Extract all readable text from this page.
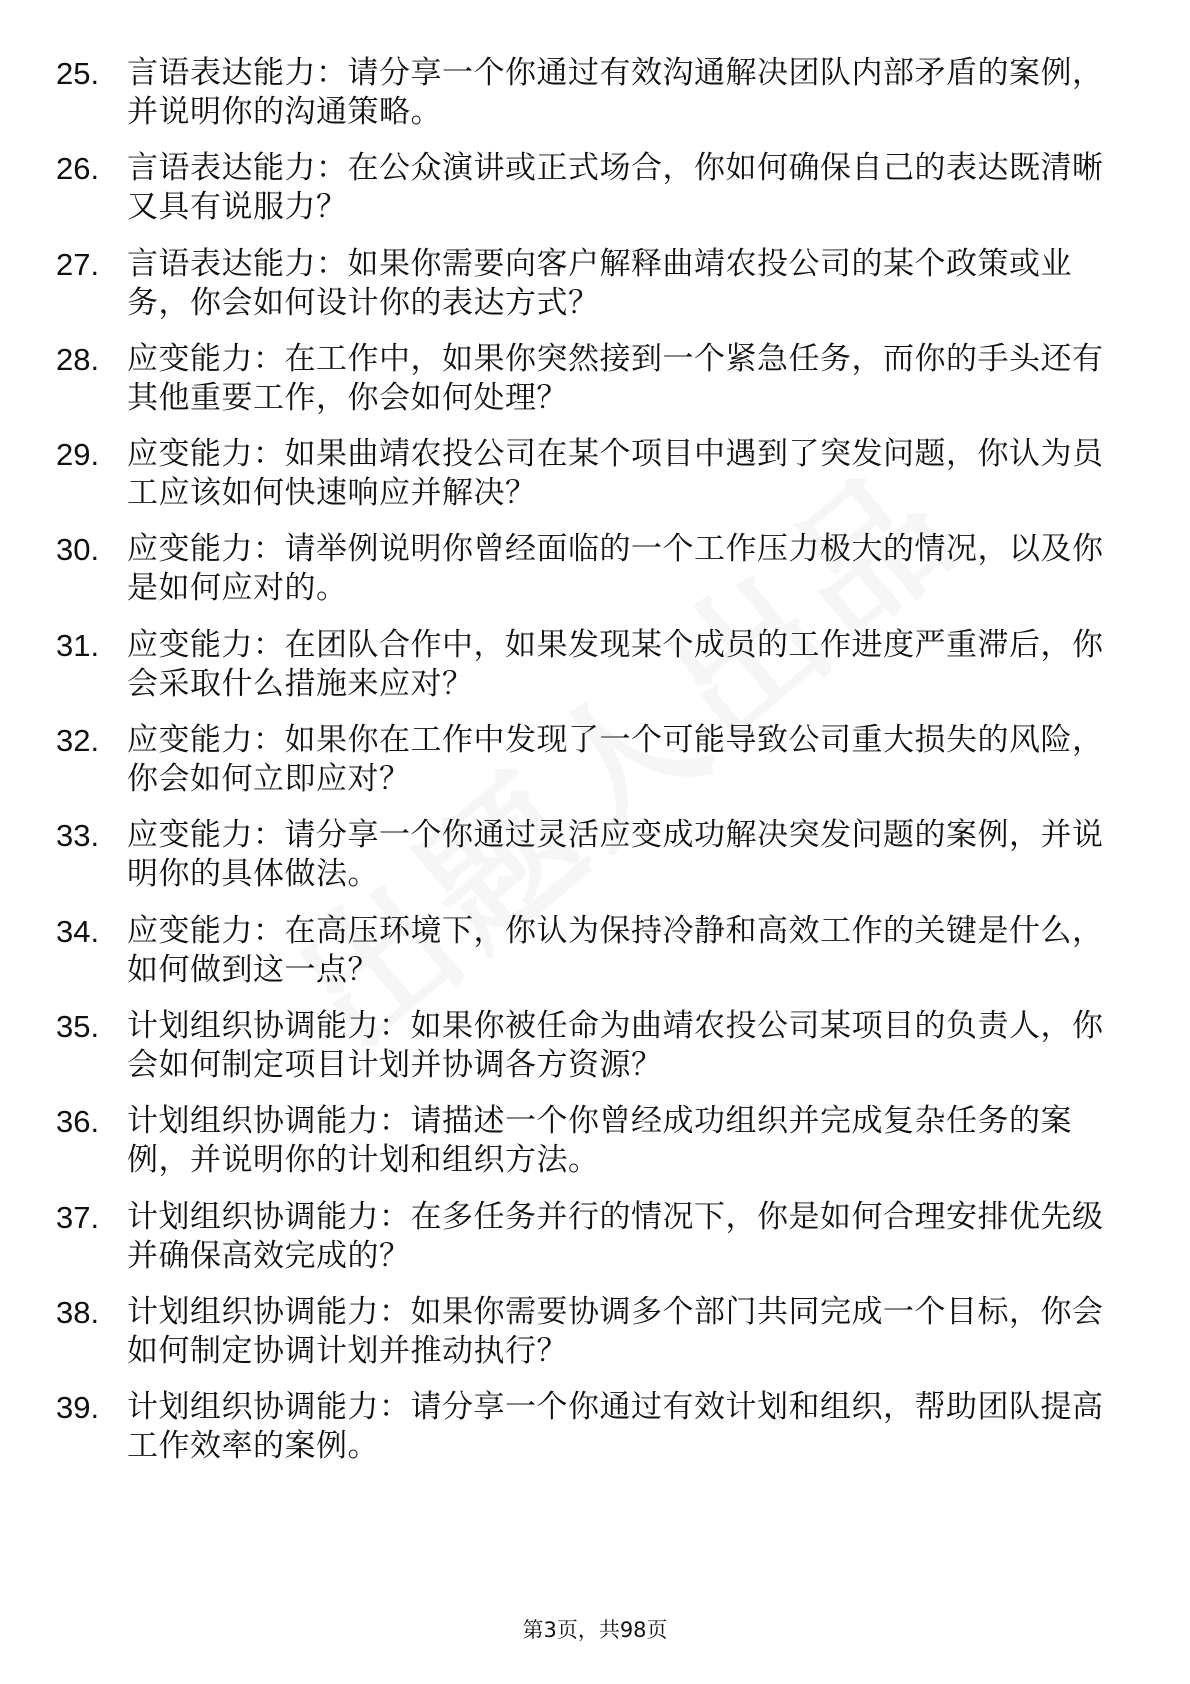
25. 言语表达能力：请分享一个你通过有效沟通解决团队内部矛盾的案例，并说明你的沟通策略。
26. 言语表达能力：在公众演讲或正式场合，你如何确保自己的表达既清晰又具有说服力？
27. 言语表达能力：如果你需要向客户解释曲靖农投公司的某个政策或业务，你会如何设计你的表达方式？
28. 应变能力：在工作中，如果你突然接到一个紧急任务，而你的手头还有其他重要工作，你会如何处理？
29. 应变能力：如果曲靖农投公司在某个项目中遇到了突发问题，你认为员工应该如何快速响应并解决？
30. 应变能力：请举例说明你曾经面临的一个工作压力极大的情况，以及你是如何应对的。
31. 应变能力：在团队合作中，如果发现某个成员的工作进度严重滞后，你会采取什么措施来应对？
32. 应变能力：如果你在工作中发现了一个可能导致公司重大损失的风险，你会如何立即应对？
33. 应变能力：请分享一个你通过灵活应变成功解决突发问题的案例，并说明你的具体做法。
34. 应变能力：在高压环境下，你认为保持冷静和高效工作的关键是什么，如何做到这一点？
35. 计划组织协调能力：如果你被任命为曲靖农投公司某项目的负责人，你会如何制定项目计划并协调各方资源？
36. 计划组织协调能力：请描述一个你曾经成功组织并完成复杂任务的案例，并说明你的计划和组织方法。
37. 计划组织协调能力：在多任务并行的情况下，你是如何合理安排优先级并确保高效完成的？
38. 计划组织协调能力：如果你需要协调多个部门共同完成一个目标，你会如何制定协调计划并推动执行？
39. 计划组织协调能力：请分享一个你通过有效计划和组织，帮助团队提高工作效率的案例。
第3页，共98页
